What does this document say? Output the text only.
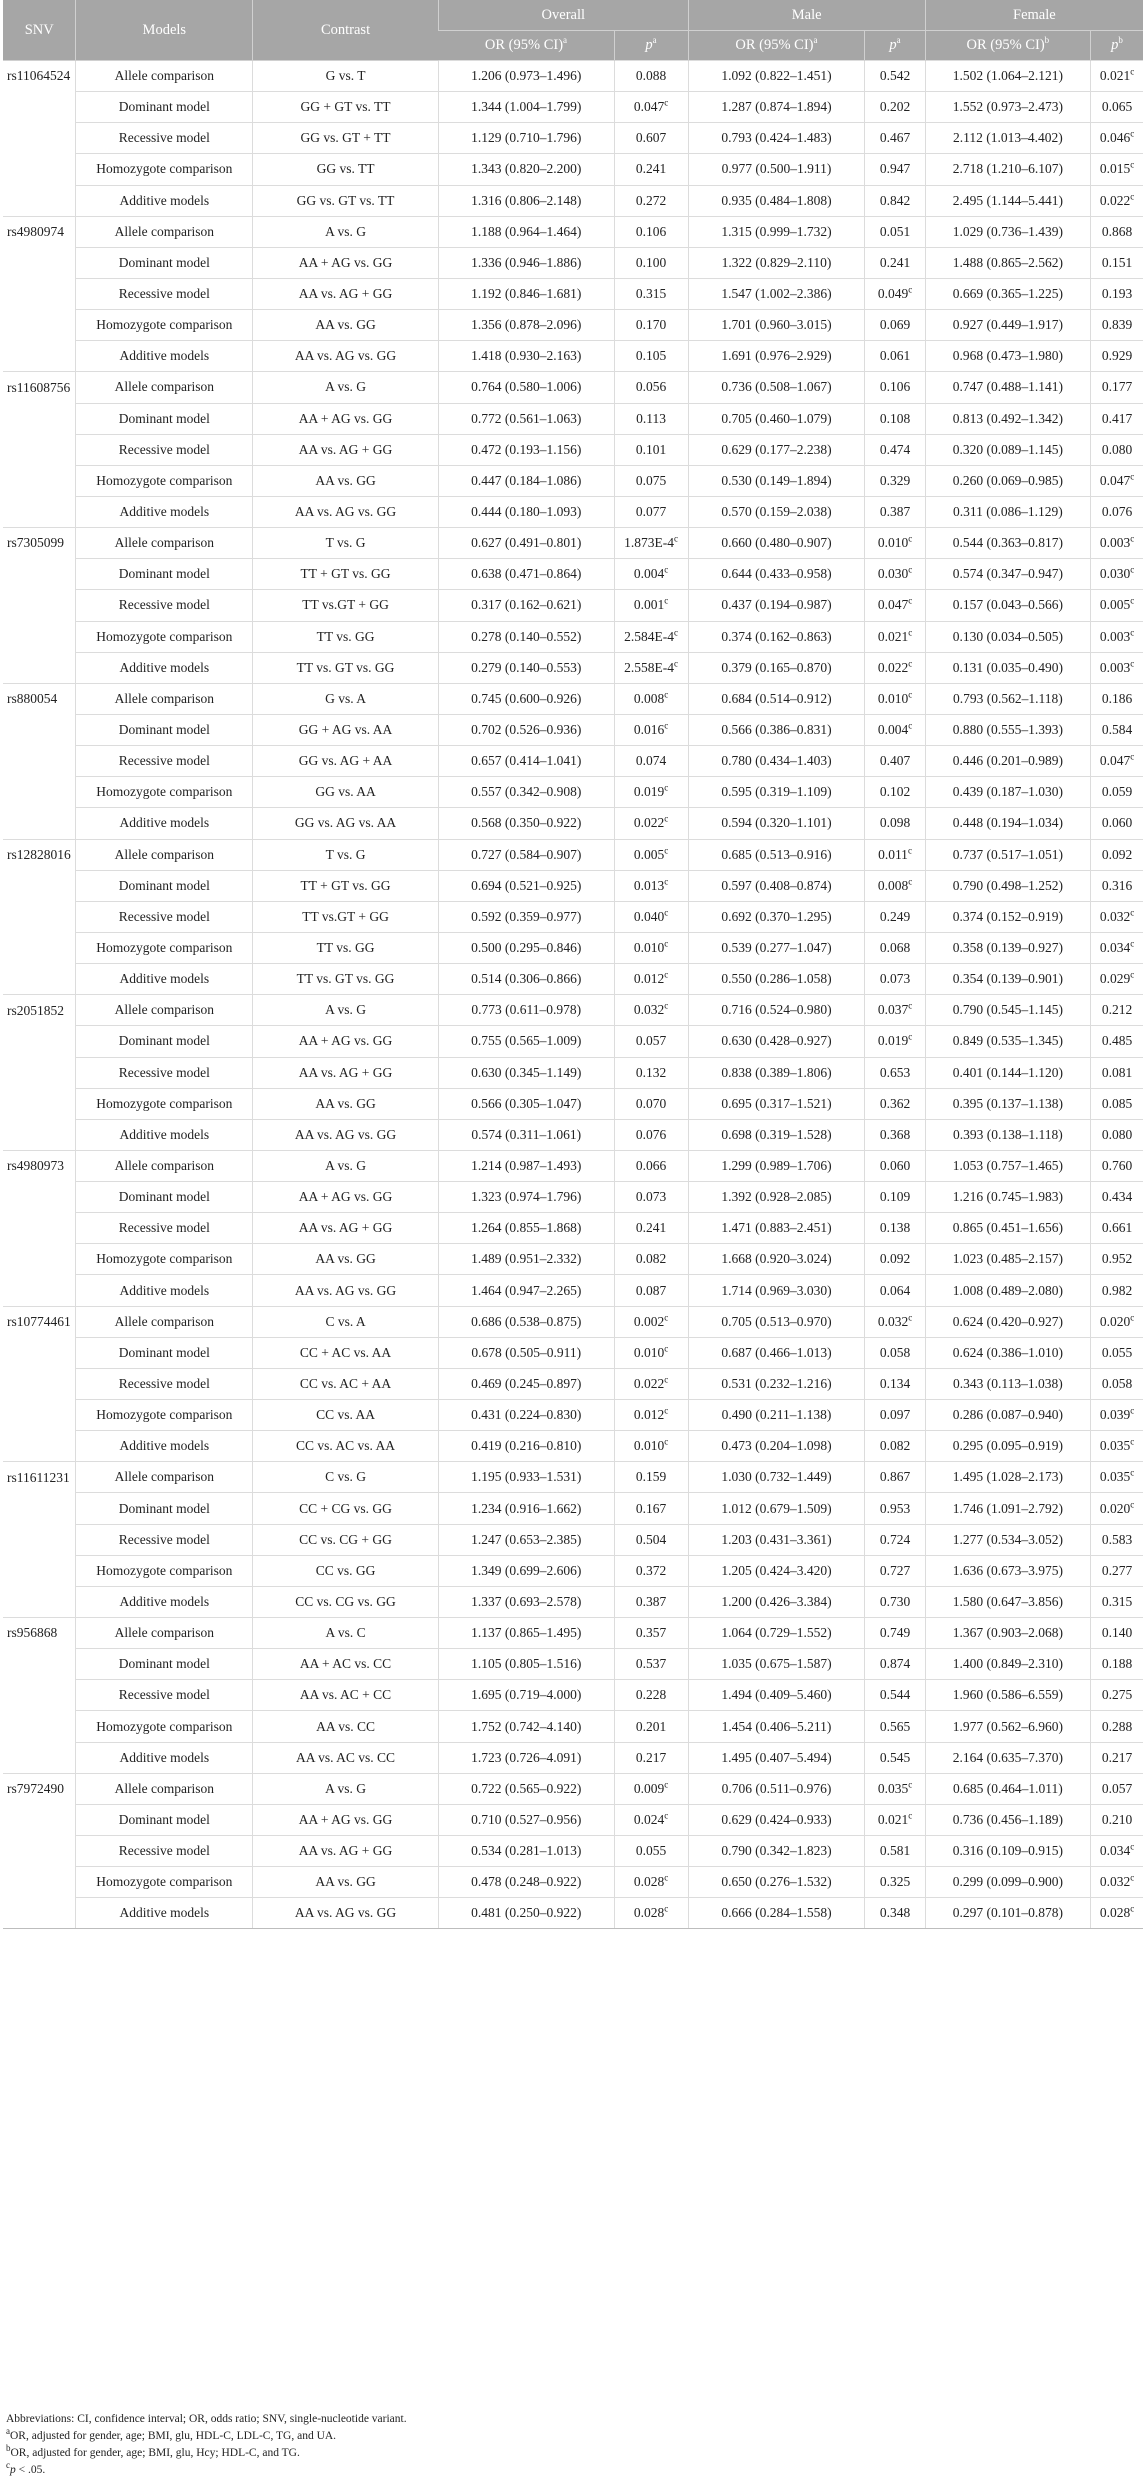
SNV	Models	Contrast	Overall		Male		Female	
			OR (95% CI)$^a$	$p^a$	OR (95% CI)$^a$	$p^a$	OR (95% CI)$^b$	$p^b$
rs11064524	Allele comparison	G vs. T	1.206 (0.973–1.496)	0.088	1.092 (0.822–1.451)	0.542	1.502 (1.064–2.121)	0.021$^c$
	Dominant model	GG + GT vs. TT	1.344 (1.004–1.799)	0.047$^c$	1.287 (0.874–1.894)	0.202	1.552 (0.973–2.473)	0.065
	Recessive model	GG vs. GT + TT	1.129 (0.710–1.796)	0.607	0.793 (0.424–1.483)	0.467	2.112 (1.013–4.402)	0.046$^c$
	Homozygote comparison	GG vs. TT	1.343 (0.820–2.200)	0.241	0.977 (0.500–1.911)	0.947	2.718 (1.210–6.107)	0.015$^c$
	Additive models	GG vs. GT vs. TT	1.316 (0.806–2.148)	0.272	0.935 (0.484–1.808)	0.842	2.495 (1.144–5.441)	0.022$^c$
rs4980974	Allele comparison	A vs. G	1.188 (0.964–1.464)	0.106	1.315 (0.999–1.732)	0.051	1.029 (0.736–1.439)	0.868
	Dominant model	AA + AG vs. GG	1.336 (0.946–1.886)	0.100	1.322 (0.829–2.110)	0.241	1.488 (0.865–2.562)	0.151
	Recessive model	AA vs. AG + GG	1.192 (0.846–1.681)	0.315	1.547 (1.002–2.386)	0.049$^c$	0.669 (0.365–1.225)	0.193
	Homozygote comparison	AA vs. GG	1.356 (0.878–2.096)	0.170	1.701 (0.960–3.015)	0.069	0.927 (0.449–1.917)	0.839
	Additive models	AA vs. AG vs. GG	1.418 (0.930–2.163)	0.105	1.691 (0.976–2.929)	0.061	0.968 (0.473–1.980)	0.929
rs11608756	Allele comparison	A vs. G	0.764 (0.580–1.006)	0.056	0.736 (0.508–1.067)	0.106	0.747 (0.488–1.141)	0.177
	Dominant model	AA + AG vs. GG	0.772 (0.561–1.063)	0.113	0.705 (0.460–1.079)	0.108	0.813 (0.492–1.342)	0.417
	Recessive model	AA vs. AG + GG	0.472 (0.193–1.156)	0.101	0.629 (0.177–2.238)	0.474	0.320 (0.089–1.145)	0.080
	Homozygote comparison	AA vs. GG	0.447 (0.184–1.086)	0.075	0.530 (0.149–1.894)	0.329	0.260 (0.069–0.985)	0.047$^c$
	Additive models	AA vs. AG vs. GG	0.444 (0.180–1.093)	0.077	0.570 (0.159–2.038)	0.387	0.311 (0.086–1.129)	0.076
rs7305099	Allele comparison	T vs. G	0.627 (0.491–0.801)	1.873E-4$^c$	0.660 (0.480–0.907)	0.010$^c$	0.544 (0.363–0.817)	0.003$^c$
	Dominant model	TT + GT vs. GG	0.638 (0.471–0.864)	0.004$^c$	0.644 (0.433–0.958)	0.030$^c$	0.574 (0.347–0.947)	0.030$^c$
	Recessive model	TT vs.GT + GG	0.317 (0.162–0.621)	0.001$^c$	0.437 (0.194–0.987)	0.047$^c$	0.157 (0.043–0.566)	0.005$^c$
	Homozygote comparison	TT vs. GG	0.278 (0.140–0.552)	2.584E-4$^c$	0.374 (0.162–0.863)	0.021$^c$	0.130 (0.034–0.505)	0.003$^c$
	Additive models	TT vs. GT vs. GG	0.279 (0.140–0.553)	2.558E-4$^c$	0.379 (0.165–0.870)	0.022$^c$	0.131 (0.035–0.490)	0.003$^c$
rs880054	Allele comparison	G vs. A	0.745 (0.600–0.926)	0.008$^c$	0.684 (0.514–0.912)	0.010$^c$	0.793 (0.562–1.118)	0.186
	Dominant model	GG + AG vs. AA	0.702 (0.526–0.936)	0.016$^c$	0.566 (0.386–0.831)	0.004$^c$	0.880 (0.555–1.393)	0.584
	Recessive model	GG vs. AG + AA	0.657 (0.414–1.041)	0.074	0.780 (0.434–1.403)	0.407	0.446 (0.201–0.989)	0.047$^c$
	Homozygote comparison	GG vs. AA	0.557 (0.342–0.908)	0.019$^c$	0.595 (0.319–1.109)	0.102	0.439 (0.187–1.030)	0.059
	Additive models	GG vs. AG vs. AA	0.568 (0.350–0.922)	0.022$^c$	0.594 (0.320–1.101)	0.098	0.448 (0.194–1.034)	0.060
rs12828016	Allele comparison	T vs. G	0.727 (0.584–0.907)	0.005$^c$	0.685 (0.513–0.916)	0.011$^c$	0.737 (0.517–1.051)	0.092
	Dominant model	TT + GT vs. GG	0.694 (0.521–0.925)	0.013$^c$	0.597 (0.408–0.874)	0.008$^c$	0.790 (0.498–1.252)	0.316
	Recessive model	TT vs.GT + GG	0.592 (0.359–0.977)	0.040$^c$	0.692 (0.370–1.295)	0.249	0.374 (0.152–0.919)	0.032$^c$
	Homozygote comparison	TT vs. GG	0.500 (0.295–0.846)	0.010$^c$	0.539 (0.277–1.047)	0.068	0.358 (0.139–0.927)	0.034$^c$
	Additive models	TT vs. GT vs. GG	0.514 (0.306–0.866)	0.012$^c$	0.550 (0.286–1.058)	0.073	0.354 (0.139–0.901)	0.029$^c$
rs2051852	Allele comparison	A vs. G	0.773 (0.611–0.978)	0.032$^c$	0.716 (0.524–0.980)	0.037$^c$	0.790 (0.545–1.145)	0.212
	Dominant model	AA + AG vs. GG	0.755 (0.565–1.009)	0.057	0.630 (0.428–0.927)	0.019$^c$	0.849 (0.535–1.345)	0.485
	Recessive model	AA vs. AG + GG	0.630 (0.345–1.149)	0.132	0.838 (0.389–1.806)	0.653	0.401 (0.144–1.120)	0.081
	Homozygote comparison	AA vs. GG	0.566 (0.305–1.047)	0.070	0.695 (0.317–1.521)	0.362	0.395 (0.137–1.138)	0.085
	Additive models	AA vs. AG vs. GG	0.574 (0.311–1.061)	0.076	0.698 (0.319–1.528)	0.368	0.393 (0.138–1.118)	0.080
rs4980973	Allele comparison	A vs. G	1.214 (0.987–1.493)	0.066	1.299 (0.989–1.706)	0.060	1.053 (0.757–1.465)	0.760
	Dominant model	AA + AG vs. GG	1.323 (0.974–1.796)	0.073	1.392 (0.928–2.085)	0.109	1.216 (0.745–1.983)	0.434
	Recessive model	AA vs. AG + GG	1.264 (0.855–1.868)	0.241	1.471 (0.883–2.451)	0.138	0.865 (0.451–1.656)	0.661
	Homozygote comparison	AA vs. GG	1.489 (0.951–2.332)	0.082	1.668 (0.920–3.024)	0.092	1.023 (0.485–2.157)	0.952
	Additive models	AA vs. AG vs. GG	1.464 (0.947–2.265)	0.087	1.714 (0.969–3.030)	0.064	1.008 (0.489–2.080)	0.982
rs10774461	Allele comparison	C vs. A	0.686 (0.538–0.875)	0.002$^c$	0.705 (0.513–0.970)	0.032$^c$	0.624 (0.420–0.927)	0.020$^c$
	Dominant model	CC + AC vs. AA	0.678 (0.505–0.911)	0.010$^c$	0.687 (0.466–1.013)	0.058	0.624 (0.386–1.010)	0.055
	Recessive model	CC vs. AC + AA	0.469 (0.245–0.897)	0.022$^c$	0.531 (0.232–1.216)	0.134	0.343 (0.113–1.038)	0.058
	Homozygote comparison	CC vs. AA	0.431 (0.224–0.830)	0.012$^c$	0.490 (0.211–1.138)	0.097	0.286 (0.087–0.940)	0.039$^c$
	Additive models	CC vs. AC vs. AA	0.419 (0.216–0.810)	0.010$^c$	0.473 (0.204–1.098)	0.082	0.295 (0.095–0.919)	0.035$^c$
rs11611231	Allele comparison	C vs. G	1.195 (0.933–1.531)	0.159	1.030 (0.732–1.449)	0.867	1.495 (1.028–2.173)	0.035$^c$
	Dominant model	CC + CG vs. GG	1.234 (0.916–1.662)	0.167	1.012 (0.679–1.509)	0.953	1.746 (1.091–2.792)	0.020$^c$
	Recessive model	CC vs. CG + GG	1.247 (0.653–2.385)	0.504	1.203 (0.431–3.361)	0.724	1.277 (0.534–3.052)	0.583
	Homozygote comparison	CC vs. GG	1.349 (0.699–2.606)	0.372	1.205 (0.424–3.420)	0.727	1.636 (0.673–3.975)	0.277
	Additive models	CC vs. CG vs. GG	1.337 (0.693–2.578)	0.387	1.200 (0.426–3.384)	0.730	1.580 (0.647–3.856)	0.315
rs956868	Allele comparison	A vs. C	1.137 (0.865–1.495)	0.357	1.064 (0.729–1.552)	0.749	1.367 (0.903–2.068)	0.140
	Dominant model	AA + AC vs. CC	1.105 (0.805–1.516)	0.537	1.035 (0.675–1.587)	0.874	1.400 (0.849–2.310)	0.188
	Recessive model	AA vs. AC + CC	1.695 (0.719–4.000)	0.228	1.494 (0.409–5.460)	0.544	1.960 (0.586–6.559)	0.275
	Homozygote comparison	AA vs. CC	1.752 (0.742–4.140)	0.201	1.454 (0.406–5.211)	0.565	1.977 (0.562–6.960)	0.288
	Additive models	AA vs. AC vs. CC	1.723 (0.726–4.091)	0.217	1.495 (0.407–5.494)	0.545	2.164 (0.635–7.370)	0.217
rs7972490	Allele comparison	A vs. G	0.722 (0.565–0.922)	0.009$^c$	0.706 (0.511–0.976)	0.035$^c$	0.685 (0.464–1.011)	0.057
	Dominant model	AA + AG vs. GG	0.710 (0.527–0.956)	0.024$^c$	0.629 (0.424–0.933)	0.021$^c$	0.736 (0.456–1.189)	0.210
	Recessive model	AA vs. AG + GG	0.534 (0.281–1.013)	0.055	0.790 (0.342–1.823)	0.581	0.316 (0.109–0.915)	0.034$^c$
	Homozygote comparison	AA vs. GG	0.478 (0.248–0.922)	0.028$^c$	0.650 (0.276–1.532)	0.325	0.299 (0.099–0.900)	0.032$^c$
	Additive models	AA vs. AG vs. GG	0.481 (0.250–0.922)	0.028$^c$	0.666 (0.284–1.558)	0.348	0.297 (0.101–0.878)	0.028$^c$
Abbreviations: CI, confidence interval; OR, odds ratio; SNV, single-nucleotide variant.
$^a$OR, adjusted for gender, age; BMI, glu, HDL-C, LDL-C, TG, and UA.
$^b$OR, adjusted for gender, age; BMI, glu, Hcy; HDL-C, and TG.
$^c$p < .05.
